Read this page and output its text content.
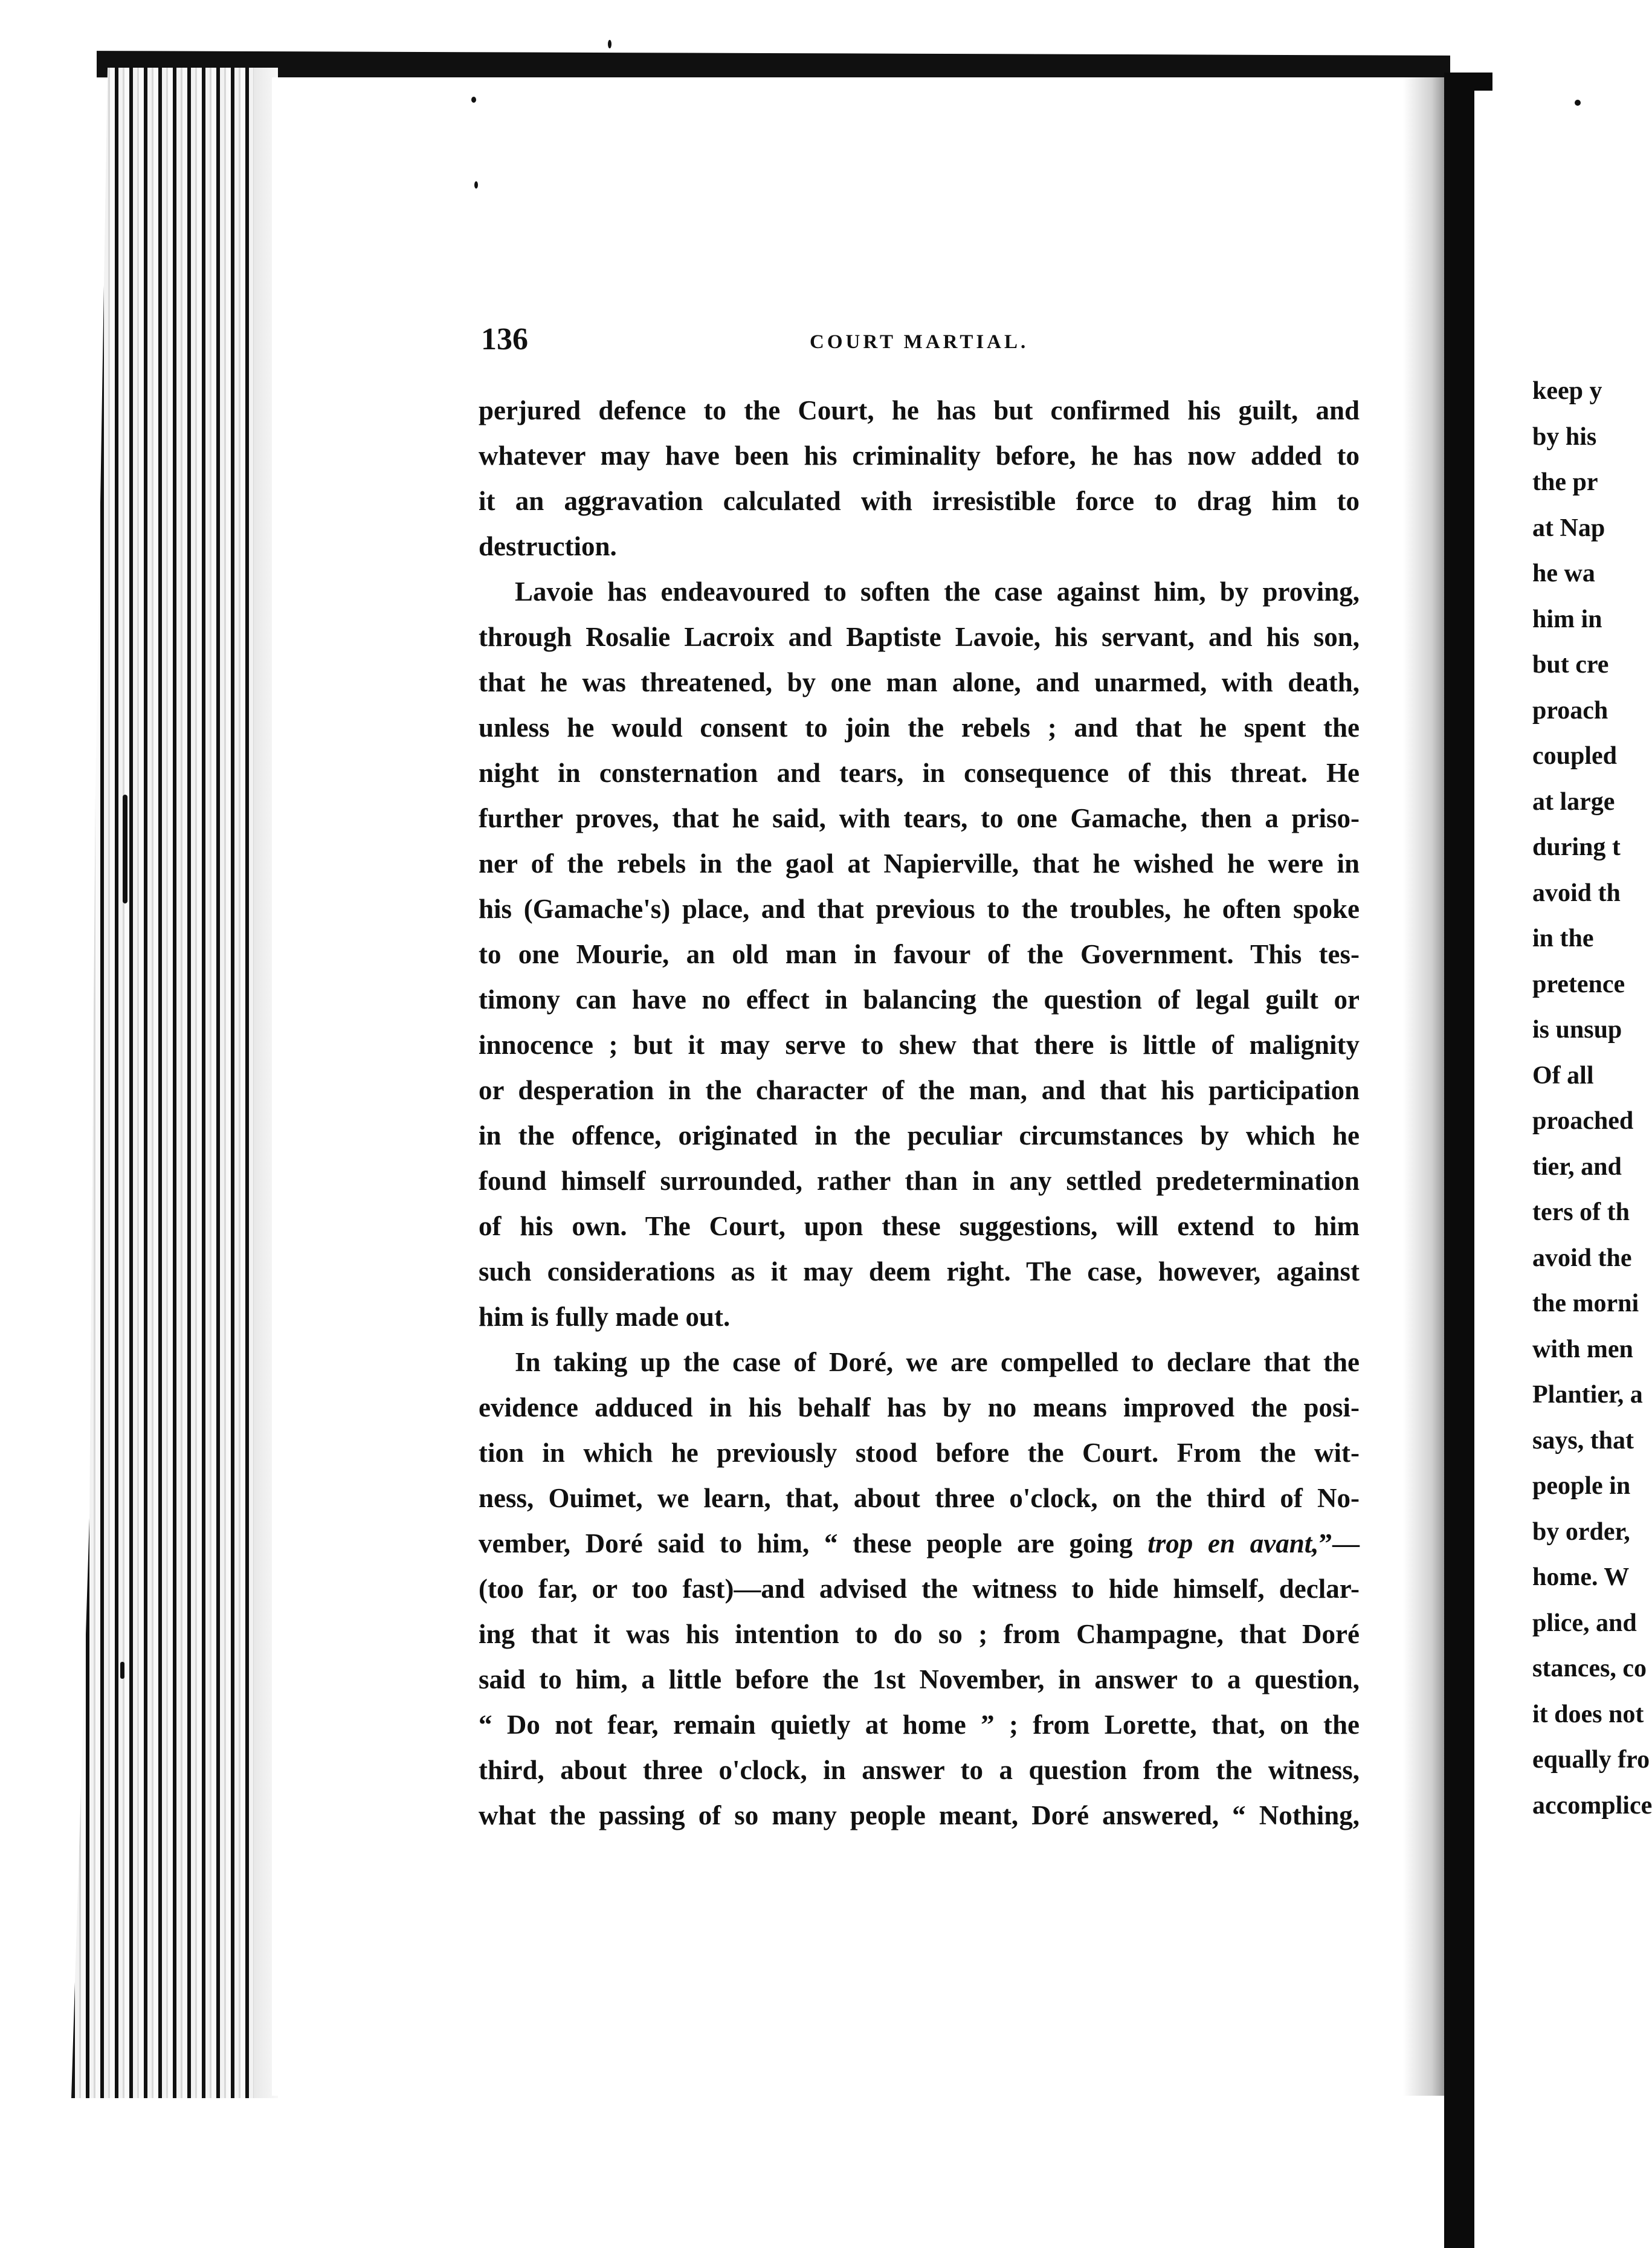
136	COURT MARTIAL.
perjured defence to the Court, he has but confirmed his guilt, and
whatever may have been his criminality before, he has now added to
it an aggravation calculated with irresistible force to drag him to
destruction.
Lavoie has endeavoured to soften the case against him, by proving,
through Rosalie Lacroix and Baptiste Lavoie, his servant, and his son,
that he was threatened, by one man alone, and unarmed, with death,
unless he would consent to join the rebels ; and that he spent the
night in consternation and tears, in consequence of this threat. He
further proves, that he said, with tears, to one Gamache, then a priso-
ner of the rebels in the gaol at Napierville, that he wished he were in
his (Gamache's) place, and that previous to the troubles, he often spoke
to one Mourie, an old man in favour of the Government. This tes-
timony can have no effect in balancing the question of legal guilt or
innocence ; but it may serve to shew that there is little of malignity
or desperation in the character of the man, and that his participation
in the offence, originated in the peculiar circumstances by which he
found himself surrounded, rather than in any settled predetermination
of his own. The Court, upon these suggestions, will extend to him
such considerations as it may deem right. The case, however, against
him is fully made out.
In taking up the case of Doré, we are compelled to declare that the
evidence adduced in his behalf has by no means improved the posi-
tion in which he previously stood before the Court. From the wit-
ness, Ouimet, we learn, that, about three o'clock, on the third of No-
vember, Doré said to him, “ these people are going trop en avant,”—
(too far, or too fast)—and advised the witness to hide himself, declar-
ing that it was his intention to do so ; from Champagne, that Doré
said to him, a little before the 1st November, in answer to a question,
“ Do not fear, remain quietly at home ” ; from Lorette, that, on the
third, about three o'clock, in answer to a question from the witness,
what the passing of so many people meant, Doré answered, “ Nothing,
keep y
by his
the pr
at Nap
he wa
him in
but cre
proach
coupled
at large
during t
avoid th
in the
pretence
is unsup
Of all
proached
tier, and
ters of th
avoid the
the morni
with men
Plantier, a
says, that
people in
by order,
home. W
plice, and
stances, co
it does not
equally fro
accomplice
